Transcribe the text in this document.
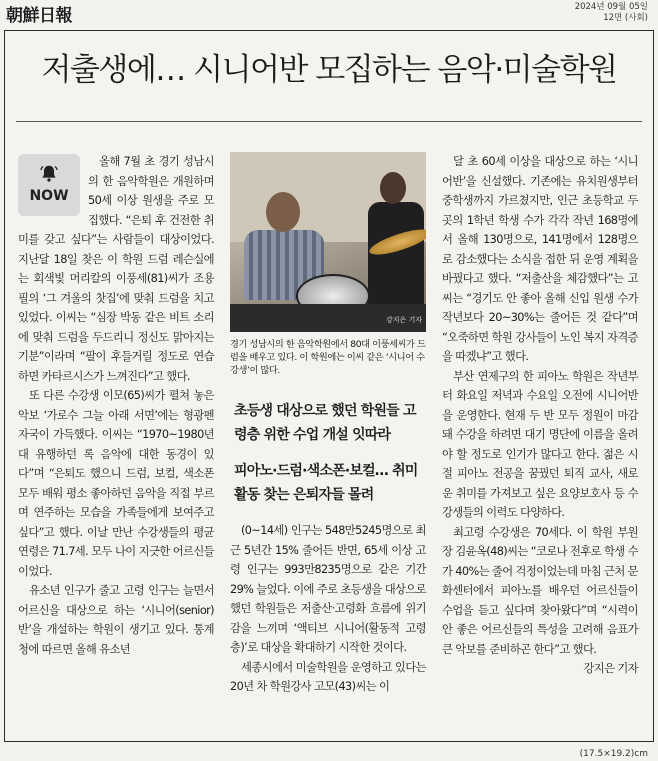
朝鮮日報	2024년 09월 05일
12면 (사회)
저출생에… 시니어반 모집하는 음악·미술학원
NOW

올해 7월 초 경기 성남시의 한 음악학원은 개원하며 50세 이상 원생을 주로 모집했다. “은퇴 후 건전한 취미를 갖고 싶다”는 사람들이 대상이었다. 지난달 18일 찾은 이 학원 드럼 레슨실에는 회색빛 머리칼의 이풍세(81)씨가 조용필의 ‘그 겨울의 찻집’에 맞춰 드럼을 치고 있었다. 이씨는 “심장 박동 같은 비트 소리에 맞춰 드럼을 두드리니 정신도 맑아지는 기분”이라며 “팔이 후들거릴 정도로 연습하면 카타르시스가 느껴진다”고 했다.

또 다른 수강생 이모(65)씨가 펼쳐 놓은 악보 ‘가로수 그늘 아래 서면’에는 형광펜 자국이 가득했다. 이씨는 “1970~1980년대 유행하던 록 음악에 대한 동경이 있다”며 “은퇴도 했으니 드럼, 보컬, 색소폰 모두 배워 평소 좋아하던 음악을 직접 부르며 연주하는 모습을 가족들에게 보여주고 싶다”고 했다. 이날 만난 수강생들의 평균 연령은 71.7세. 모두 나이 지긋한 어르신들이었다.

유소년 인구가 줄고 고령 인구는 늘면서 어르신을 대상으로 하는 ‘시니어(senior)반’을 개설하는 학원이 생기고 있다. 통계청에 따르면 올해 유소년

강지은 기자
경기 성남시의 한 음악학원에서 80대 이풍세씨가 드럼을 배우고 있다. 이 학원에는 이씨 같은 ‘시니어 수강생’이 많다.
초등생 대상으로 했던 학원들 고령층 위한 수업 개설 잇따라
피아노·드럼·색소폰·보컬… 취미활동 찾는 은퇴자들 몰려

(0~14세) 인구는 548만5245명으로 최근 5년간 15% 줄어든 반면, 65세 이상 고령 인구는 993만8235명으로 같은 기간 29% 늘었다. 이에 주로 초등생을 대상으로 했던 학원들은 저출산·고령화 흐름에 위기감을 느끼며 ‘액티브 시니어(활동적 고령층)’로 대상을 확대하기 시작한 것이다.

세종시에서 미술학원을 운영하고 있다는 20년 차 학원강사 고모(43)씨는 이

달 초 60세 이상을 대상으로 하는 ‘시니어반’을 신설했다. 기존에는 유치원생부터 중학생까지 가르쳤지만, 인근 초등학교 두 곳의 1학년 학생 수가 각각 작년 168명에서 올해 130명으로, 141명에서 128명으로 감소했다는 소식을 접한 뒤 운영 계획을 바꿨다고 했다. “저출산을 체감했다”는 고씨는 “경기도 안 좋아 올해 신입 원생 수가 작년보다 20~30%는 줄어든 것 같다”며 “오죽하면 학원 강사들이 노인 복지 자격증을 따겠냐”고 했다.

부산 연제구의 한 피아노 학원은 작년부터 화요일 저녁과 수요일 오전에 시니어반을 운영한다. 현재 두 반 모두 정원이 마감돼 수강을 하려면 대기 명단에 이름을 올려야 할 정도로 인기가 많다고 한다. 젊은 시절 피아노 전공을 꿈꿨던 퇴직 교사, 새로운 취미를 가져보고 싶은 요양보호사 등 수강생들의 이력도 다양하다.

최고령 수강생은 70세다. 이 학원 부원장 김윤옥(48)씨는 “코로나 전후로 학생 수가 40%는 줄어 걱정이었는데 마침 근처 문화센터에서 피아노를 배우던 어르신들이 수업을 듣고 싶다며 찾아왔다”며 “시력이 안 좋은 어르신들의 특성을 고려해 음표가 큰 악보를 준비하곤 한다”고 했다.

강지은 기자
(17.5×19.2)cm
